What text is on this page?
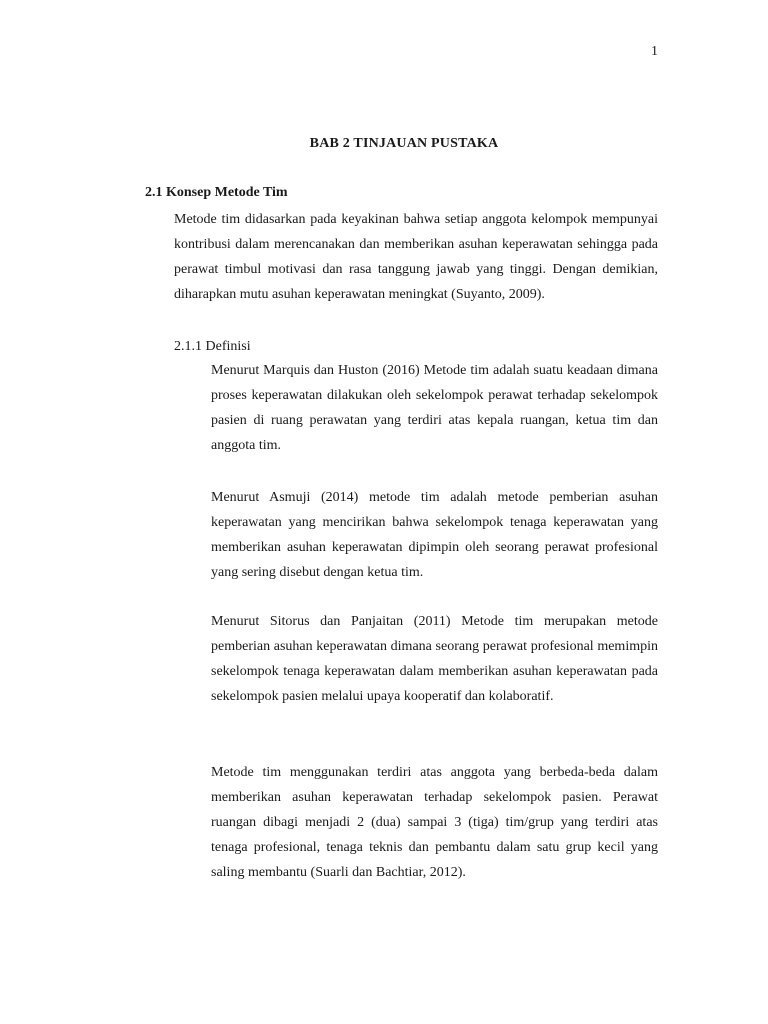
1
BAB 2 TINJAUAN PUSTAKA
2.1 Konsep Metode Tim

Metode tim didasarkan pada keyakinan bahwa setiap anggota kelompok mempunyai kontribusi dalam merencanakan dan memberikan asuhan keperawatan sehingga pada perawat timbul motivasi dan rasa tanggung jawab yang tinggi. Dengan demikian, diharapkan mutu asuhan keperawatan meningkat (Suyanto, 2009).

2.1.1 Definisi

Menurut Marquis dan Huston (2016) Metode tim adalah suatu keadaan dimana proses keperawatan dilakukan oleh sekelompok perawat terhadap sekelompok pasien di ruang perawatan yang terdiri atas kepala ruangan, ketua tim dan anggota tim.

Menurut Asmuji (2014) metode tim adalah metode pemberian asuhan keperawatan yang mencirikan bahwa sekelompok tenaga keperawatan yang memberikan asuhan keperawatan dipimpin oleh seorang perawat profesional yang sering disebut dengan ketua tim.

Menurut Sitorus dan Panjaitan (2011) Metode tim merupakan metode pemberian asuhan keperawatan dimana seorang perawat profesional memimpin sekelompok tenaga keperawatan dalam memberikan asuhan keperawatan pada sekelompok pasien melalui upaya kooperatif dan kolaboratif.

Metode tim menggunakan terdiri atas anggota yang berbeda-beda dalam memberikan asuhan keperawatan terhadap sekelompok pasien. Perawat ruangan dibagi menjadi 2 (dua) sampai 3 (tiga) tim/grup yang terdiri atas tenaga profesional, tenaga teknis dan pembantu dalam satu grup kecil yang saling membantu (Suarli dan Bachtiar, 2012).
